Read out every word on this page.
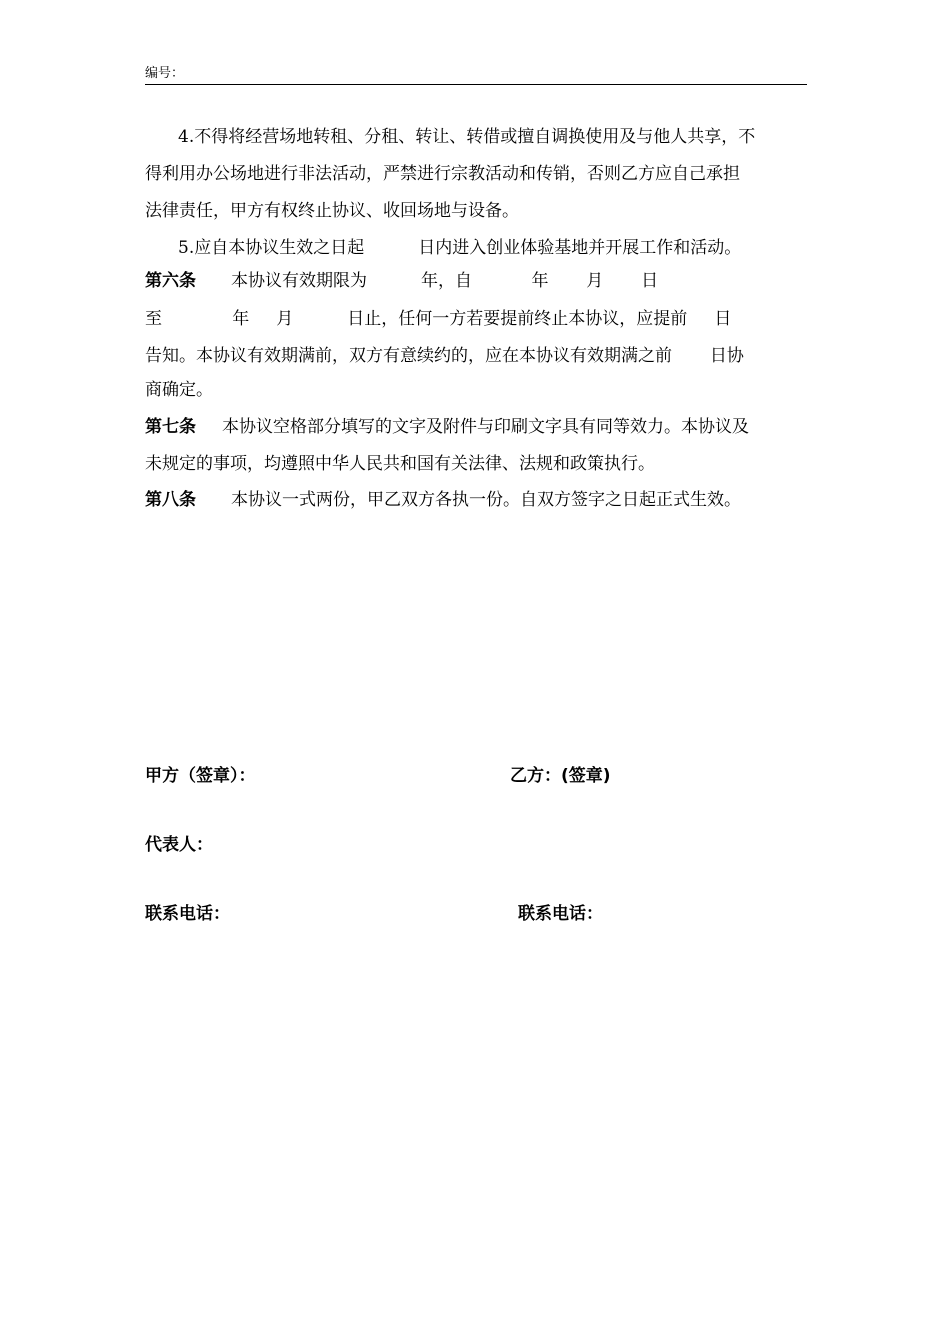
编号：
4.不得将经营场地转租、分租、转让、转借或擅自调换使用及与他人共享，不
得利用办公场地进行非法活动，严禁进行宗教活动和传销，否则乙方应自己承担
法律责任，甲方有权终止协议、收回场地与设备。
5.应自本协议生效之日起          日内进入创业体验基地并开展工作和活动。
第六条 本协议有效期限为          年，自           年       月       日
至             年     月          日止，任何一方若要提前终止本协议，应提前     日
告知。本协议有效期满前，双方有意续约的，应在本协议有效期满之前       日协
商确定。
第七条 本协议空格部分填写的文字及附件与印刷文字具有同等效力。本协议及
未规定的事项，均遵照中华人民共和国有关法律、法规和政策执行。
第八条 本协议一式两份，甲乙双方各执一份。自双方签字之日起正式生效。
甲方（签章）：	乙方：(签章)
代表人：
联系电话：	联系电话：
